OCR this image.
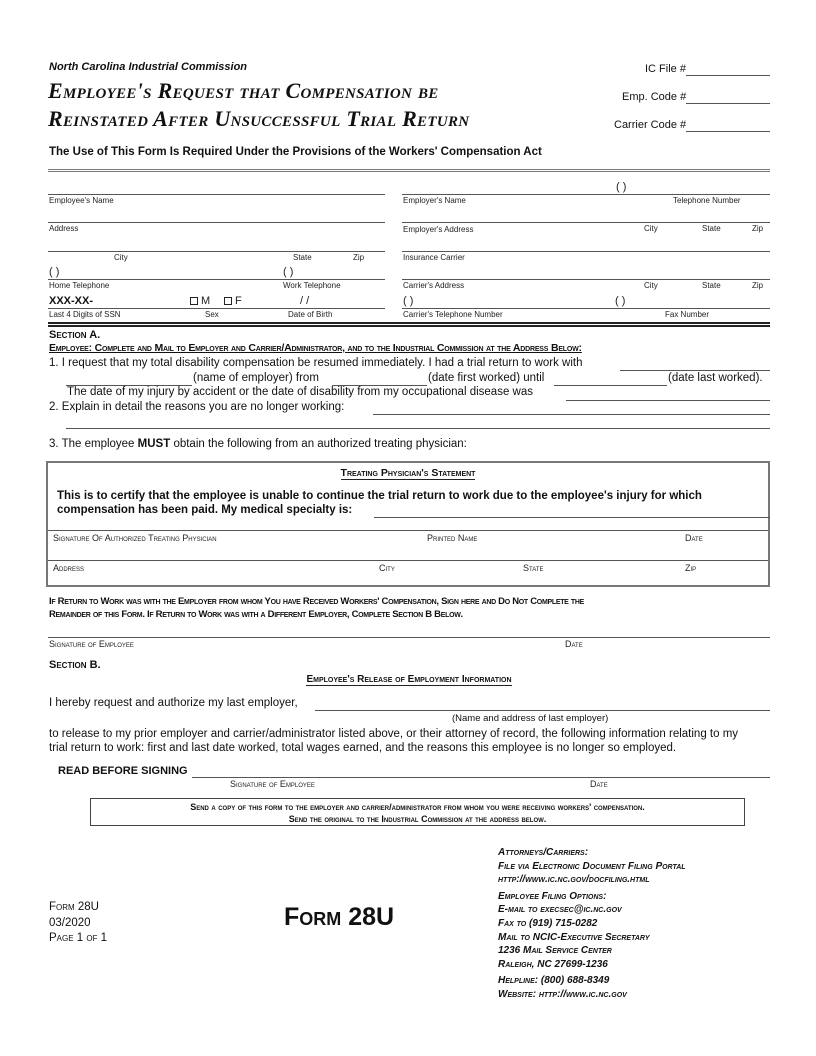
North Carolina Industrial Commission
Employee's Request that Compensation be
Reinstated After Unsuccessful Trial Return
IC File #
Emp. Code #
Carrier Code #
The Use of This Form Is Required Under the Provisions of the Workers' Compensation Act
Employee's Name
Address
City	State	Zip
( )	( )
Home Telephone	Work Telephone
XXX-XX-	M	F	/ /
Last 4 Digits of SSN	Sex	Date of Birth
( )
Employer's Name	Telephone Number
Employer's Address	City	State	Zip
Insurance Carrier
Carrier's Address	City	State	Zip
( )	( )
Carrier's Telephone Number	Fax Number
Section A.
Employee: Complete and Mail to Employer and Carrier/Administrator, and to the Industrial Commission at the Address Below:
1. I request that my total disability compensation be resumed immediately. I had a trial return to work with
(name of employer) from	(date first worked) until	(date last worked).
The date of my injury by accident or the date of disability from my occupational disease was
2. Explain in detail the reasons you are no longer working:
3. The employee MUST obtain the following from an authorized treating physician:
Treating Physician's Statement
This is to certify that the employee is unable to continue the trial return to work due to the employee's injury for which
compensation has been paid. My medical specialty is:
Signature Of Authorized Treating Physician	Printed Name	Date
Address	City	State	Zip
If Return to Work was with the Employer from whom You have Received Workers' Compensation, Sign here and Do Not Complete the
Remainder of this Form. If Return to Work was with a Different Employer, Complete Section B Below.
Signature of Employee	Date
Section B.
Employee's Release of Employment Information
I hereby request and authorize my last employer,
(Name and address of last employer)
to release to my prior employer and carrier/administrator listed above, or their attorney of record, the following information relating to my
trial return to work: first and last date worked, total wages earned, and the reasons this employee is no longer so employed.
READ BEFORE SIGNING
Signature of Employee	Date
Send a copy of this form to the employer and carrier/administrator from whom you were receiving workers' compensation.
Send the original to the Industrial Commission at the address below.
Form 28U
03/2020
Page 1 of 1
Form 28U
Attorneys/Carriers:
File via Electronic Document Filing Portal
http://www.ic.nc.gov/docfiling.html
Employee Filing Options:
E-mail to execsec@ic.nc.gov
Fax to (919) 715-0282
Mail to NCIC-Executive Secretary
1236 Mail Service Center
Raleigh, NC 27699-1236
Helpline: (800) 688-8349
Website: http://www.ic.nc.gov
